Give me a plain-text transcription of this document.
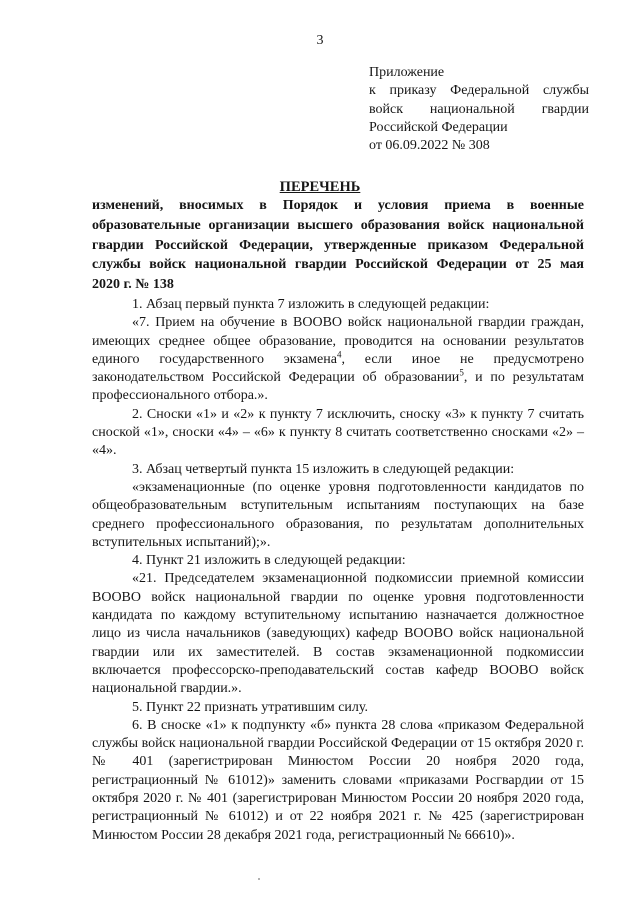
3
Приложение
к приказу Федеральной службы
войск национальной гвардии
Российской Федерации
от 06.09.2022 № 308
ПЕРЕЧЕНЬ
изменений, вносимых в Порядок и условия приема в военные
образовательные организации высшего образования войск национальной
гвардии Российской Федерации, утвержденные приказом Федеральной
службы войск национальной гвардии Российской Федерации от 25 мая
2020 г. № 138

1. Абзац первый пункта 7 изложить в следующей редакции:

«7. Прием на обучение в ВООВО войск национальной гвардии граждан, имеющих среднее общее образование, проводится на основании результатов единого государственного экзамена$^4$, если иное не предусмотрено законодательством Российской Федерации об образовании$^5$, и по результатам профессионального отбора.».

2. Сноски «1» и «2» к пункту 7 исключить, сноску «3» к пункту 7 считать сноской «1», сноски «4» – «6» к пункту 8 считать соответственно сносками «2» – «4».

3. Абзац четвертый пункта 15 изложить в следующей редакции:

«экзаменационные (по оценке уровня подготовленности кандидатов по общеобразовательным вступительным испытаниям поступающих на базе среднего профессионального образования, по результатам дополнительных вступительных испытаний);».

4. Пункт 21 изложить в следующей редакции:

«21. Председателем экзаменационной подкомиссии приемной комиссии ВООВО войск национальной гвардии по оценке уровня подготовленности кандидата по каждому вступительному испытанию назначается должностное лицо из числа начальников (заведующих) кафедр ВООВО войск национальной гвардии или их заместителей. В состав экзаменационной подкомиссии включается профессорско-преподавательский состав кафедр ВООВО войск национальной гвардии.».

5. Пункт 22 признать утратившим силу.

6. В сноске «1» к подпункту «б» пункта 28 слова «приказом Федеральной службы войск национальной гвардии Российской Федерации от 15 октября 2020 г. № 401 (зарегистрирован Минюстом России 20 ноября 2020 года, регистрационный № 61012)» заменить словами «приказами Росгвардии от 15 октября 2020 г. № 401 (зарегистрирован Минюстом России 20 ноября 2020 года, регистрационный № 61012) и от 22 ноября 2021 г. № 425 (зарегистрирован Минюстом России 28 декабря 2021 года, регистрационный № 66610)».
